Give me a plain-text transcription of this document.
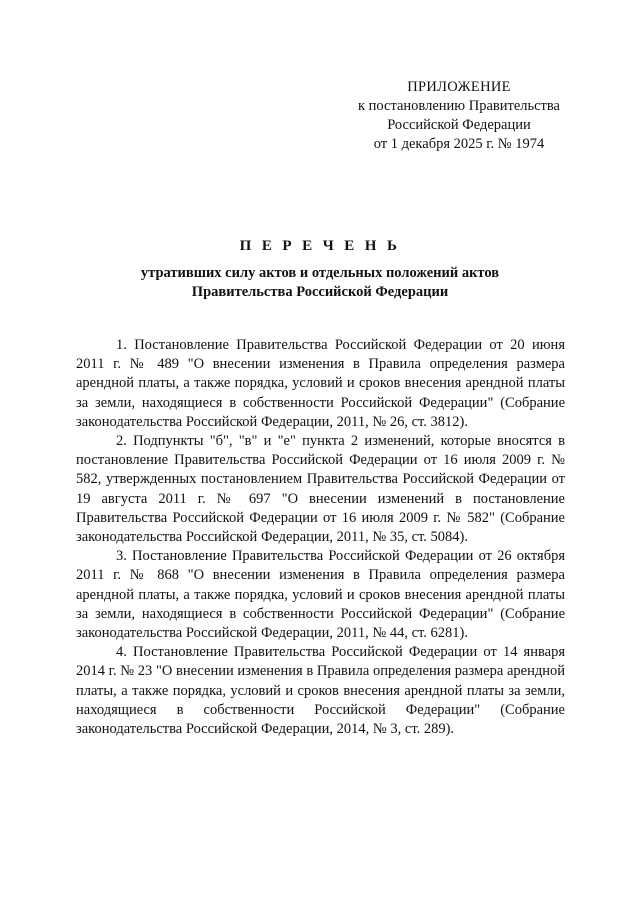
ПРИЛОЖЕНИЕ
к постановлению Правительства
Российской Федерации
от 1 декабря 2025 г. № 1974
П Е Р Е Ч Е Н Ь
утративших силу актов и отдельных положений актов
Правительства Российской Федерации

1. Постановление Правительства Российской Федерации от 20 июня 2011 г. № 489 "О внесении изменения в Правила определения размера арендной платы, а также порядка, условий и сроков внесения арендной платы за земли, находящиеся в собственности Российской Федерации" (Собрание законодательства Российской Федерации, 2011, № 26, ст. 3812).

2. Подпункты "б", "в" и "е" пункта 2 изменений, которые вносятся в постановление Правительства Российской Федерации от 16 июля 2009 г. № 582, утвержденных постановлением Правительства Российской Федерации от 19 августа 2011 г. № 697 "О внесении изменений в постановление Правительства Российской Федерации от 16 июля 2009 г. № 582" (Собрание законодательства Российской Федерации, 2011, № 35, ст. 5084).

3. Постановление Правительства Российской Федерации от 26 октября 2011 г. № 868 "О внесении изменения в Правила определения размера арендной платы, а также порядка, условий и сроков внесения арендной платы за земли, находящиеся в собственности Российской Федерации" (Собрание законодательства Российской Федерации, 2011, № 44, ст. 6281).

4. Постановление Правительства Российской Федерации от 14 января 2014 г. № 23 "О внесении изменения в Правила определения размера арендной платы, а также порядка, условий и сроков внесения арендной платы за земли, находящиеся в собственности Российской Федерации" (Собрание законодательства Российской Федерации, 2014, № 3, ст. 289).
